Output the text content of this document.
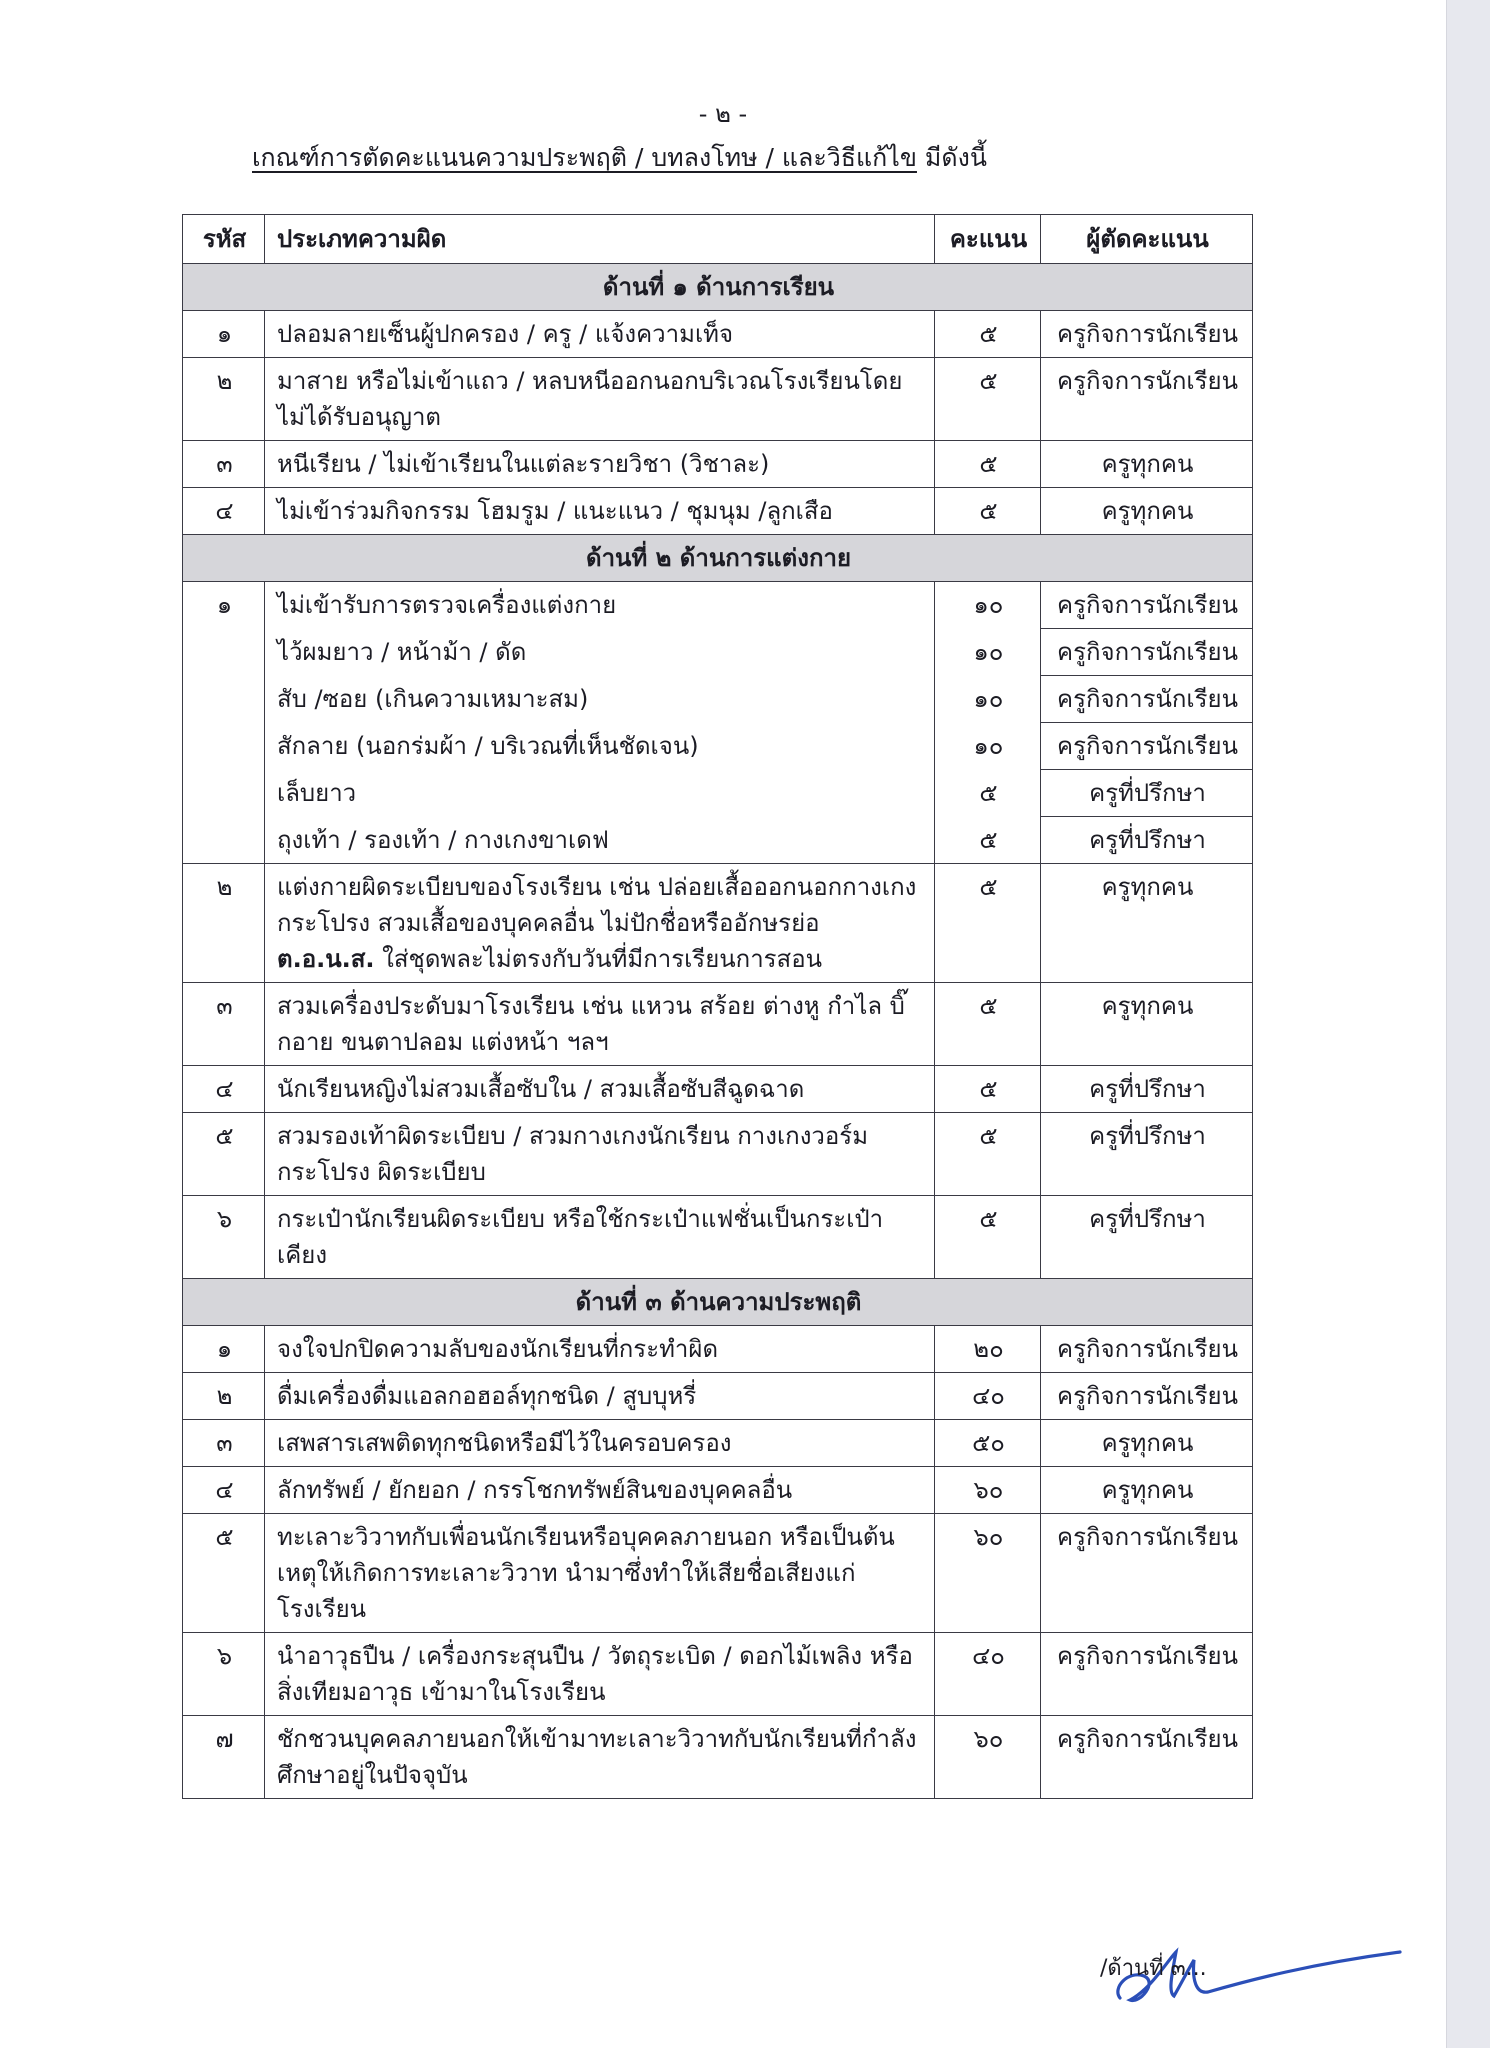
- ๒ -
เกณฑ์การตัดคะแนนความประพฤติ / บทลงโทษ / และวิธีแก้ไข มีดังนี้
รหัส	ประเภทความผิด	คะแนน	ผู้ตัดคะแนน
ด้านที่ ๑ ด้านการเรียน			
๑	ปลอมลายเซ็นผู้ปกครอง / ครู / แจ้งความเท็จ	๕	ครูกิจการนักเรียน
๒	มาสาย หรือไม่เข้าแถว / หลบหนีออกนอกบริเวณโรงเรียนโดยไม่ได้รับอนุญาต	๕	ครูกิจการนักเรียน
๓	หนีเรียน / ไม่เข้าเรียนในแต่ละรายวิชา (วิชาละ)	๕	ครูทุกคน
๔	ไม่เข้าร่วมกิจกรรม โฮมรูม / แนะแนว / ชุมนุม /ลูกเสือ	๕	ครูทุกคน
ด้านที่ ๒ ด้านการแต่งกาย			
๑	ไม่เข้ารับการตรวจเครื่องแต่งกาย	๑๐	ครูกิจการนักเรียน
	ไว้ผมยาว / หน้าม้า / ดัด	๑๐	ครูกิจการนักเรียน
	สับ /ซอย (เกินความเหมาะสม)	๑๐	ครูกิจการนักเรียน
	สักลาย (นอกร่มผ้า / บริเวณที่เห็นชัดเจน)	๑๐	ครูกิจการนักเรียน
	เล็บยาว	๕	ครูที่ปรึกษา
	ถุงเท้า / รองเท้า / กางเกงขาเดฟ	๕	ครูที่ปรึกษา
๒	แต่งกายผิดระเบียบของโรงเรียน เช่น ปล่อยเสื้อออกนอกกางเกง กระโปรง สวมเสื้อของบุคคลอื่น ไม่ปักชื่อหรืออักษรย่อ ต.อ.น.ส. ใส่ชุดพละไม่ตรงกับวันที่มีการเรียนการสอน	๕	ครูทุกคน
๓	สวมเครื่องประดับมาโรงเรียน เช่น แหวน สร้อย ต่างหู กำไล บิ๊กอาย ขนตาปลอม แต่งหน้า ฯลฯ	๕	ครูทุกคน
๔	นักเรียนหญิงไม่สวมเสื้อซับใน / สวมเสื้อซับสีฉูดฉาด	๕	ครูที่ปรึกษา
๕	สวมรองเท้าผิดระเบียบ / สวมกางเกงนักเรียน กางเกงวอร์ม กระโปรง ผิดระเบียบ	๕	ครูที่ปรึกษา
๖	กระเป๋านักเรียนผิดระเบียบ หรือใช้กระเป๋าแฟชั่นเป็นกระเป๋าเคียง	๕	ครูที่ปรึกษา
ด้านที่ ๓ ด้านความประพฤติ			
๑	จงใจปกปิดความลับของนักเรียนที่กระทำผิด	๒๐	ครูกิจการนักเรียน
๒	ดื่มเครื่องดื่มแอลกอฮอล์ทุกชนิด / สูบบุหรี่	๔๐	ครูกิจการนักเรียน
๓	เสพสารเสพติดทุกชนิดหรือมีไว้ในครอบครอง	๕๐	ครูทุกคน
๔	ลักทรัพย์ / ยักยอก / กรรโชกทรัพย์สินของบุคคลอื่น	๖๐	ครูทุกคน
๕	ทะเลาะวิวาทกับเพื่อนนักเรียนหรือบุคคลภายนอก หรือเป็นต้นเหตุให้เกิดการทะเลาะวิวาท นำมาซึ่งทำให้เสียชื่อเสียงแก่โรงเรียน	๖๐	ครูกิจการนักเรียน
๖	นำอาวุธปืน / เครื่องกระสุนปืน / วัตถุระเบิด / ดอกไม้เพลิง หรือสิ่งเทียมอาวุธ เข้ามาในโรงเรียน	๔๐	ครูกิจการนักเรียน
๗	ชักชวนบุคคลภายนอกให้เข้ามาทะเลาะวิวาทกับนักเรียนที่กำลังศึกษาอยู่ในปัจจุบัน	๖๐	ครูกิจการนักเรียน
/ด้านที่ ๓...
